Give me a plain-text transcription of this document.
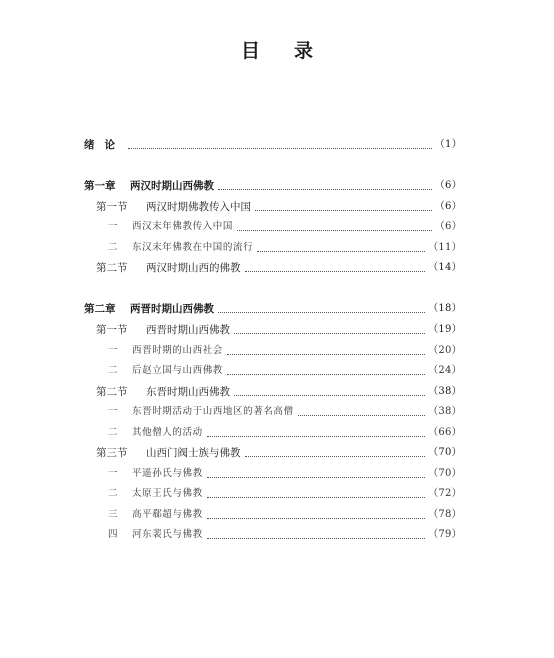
目 录
绪论	（1）
第一章	两汉时期山西佛教	（6）
第一节	两汉时期佛教传入中国	（6）
一	西汉末年佛教传入中国	（6）
二	东汉末年佛教在中国的流行	（11）
第二节	两汉时期山西的佛教	（14）
第二章	两晋时期山西佛教	（18）
第一节	西晋时期山西佛教	（19）
一	西晋时期的山西社会	（20）
二	后赵立国与山西佛教	（24）
第二节	东晋时期山西佛教	（38）
一	东晋时期活动于山西地区的著名高僧	（38）
二	其他僧人的活动	（66）
第三节	山西门阀士族与佛教	（70）
一	平遥孙氏与佛教	（70）
二	太原王氏与佛教	（72）
三	高平郗超与佛教	（78）
四	河东裴氏与佛教	（79）
